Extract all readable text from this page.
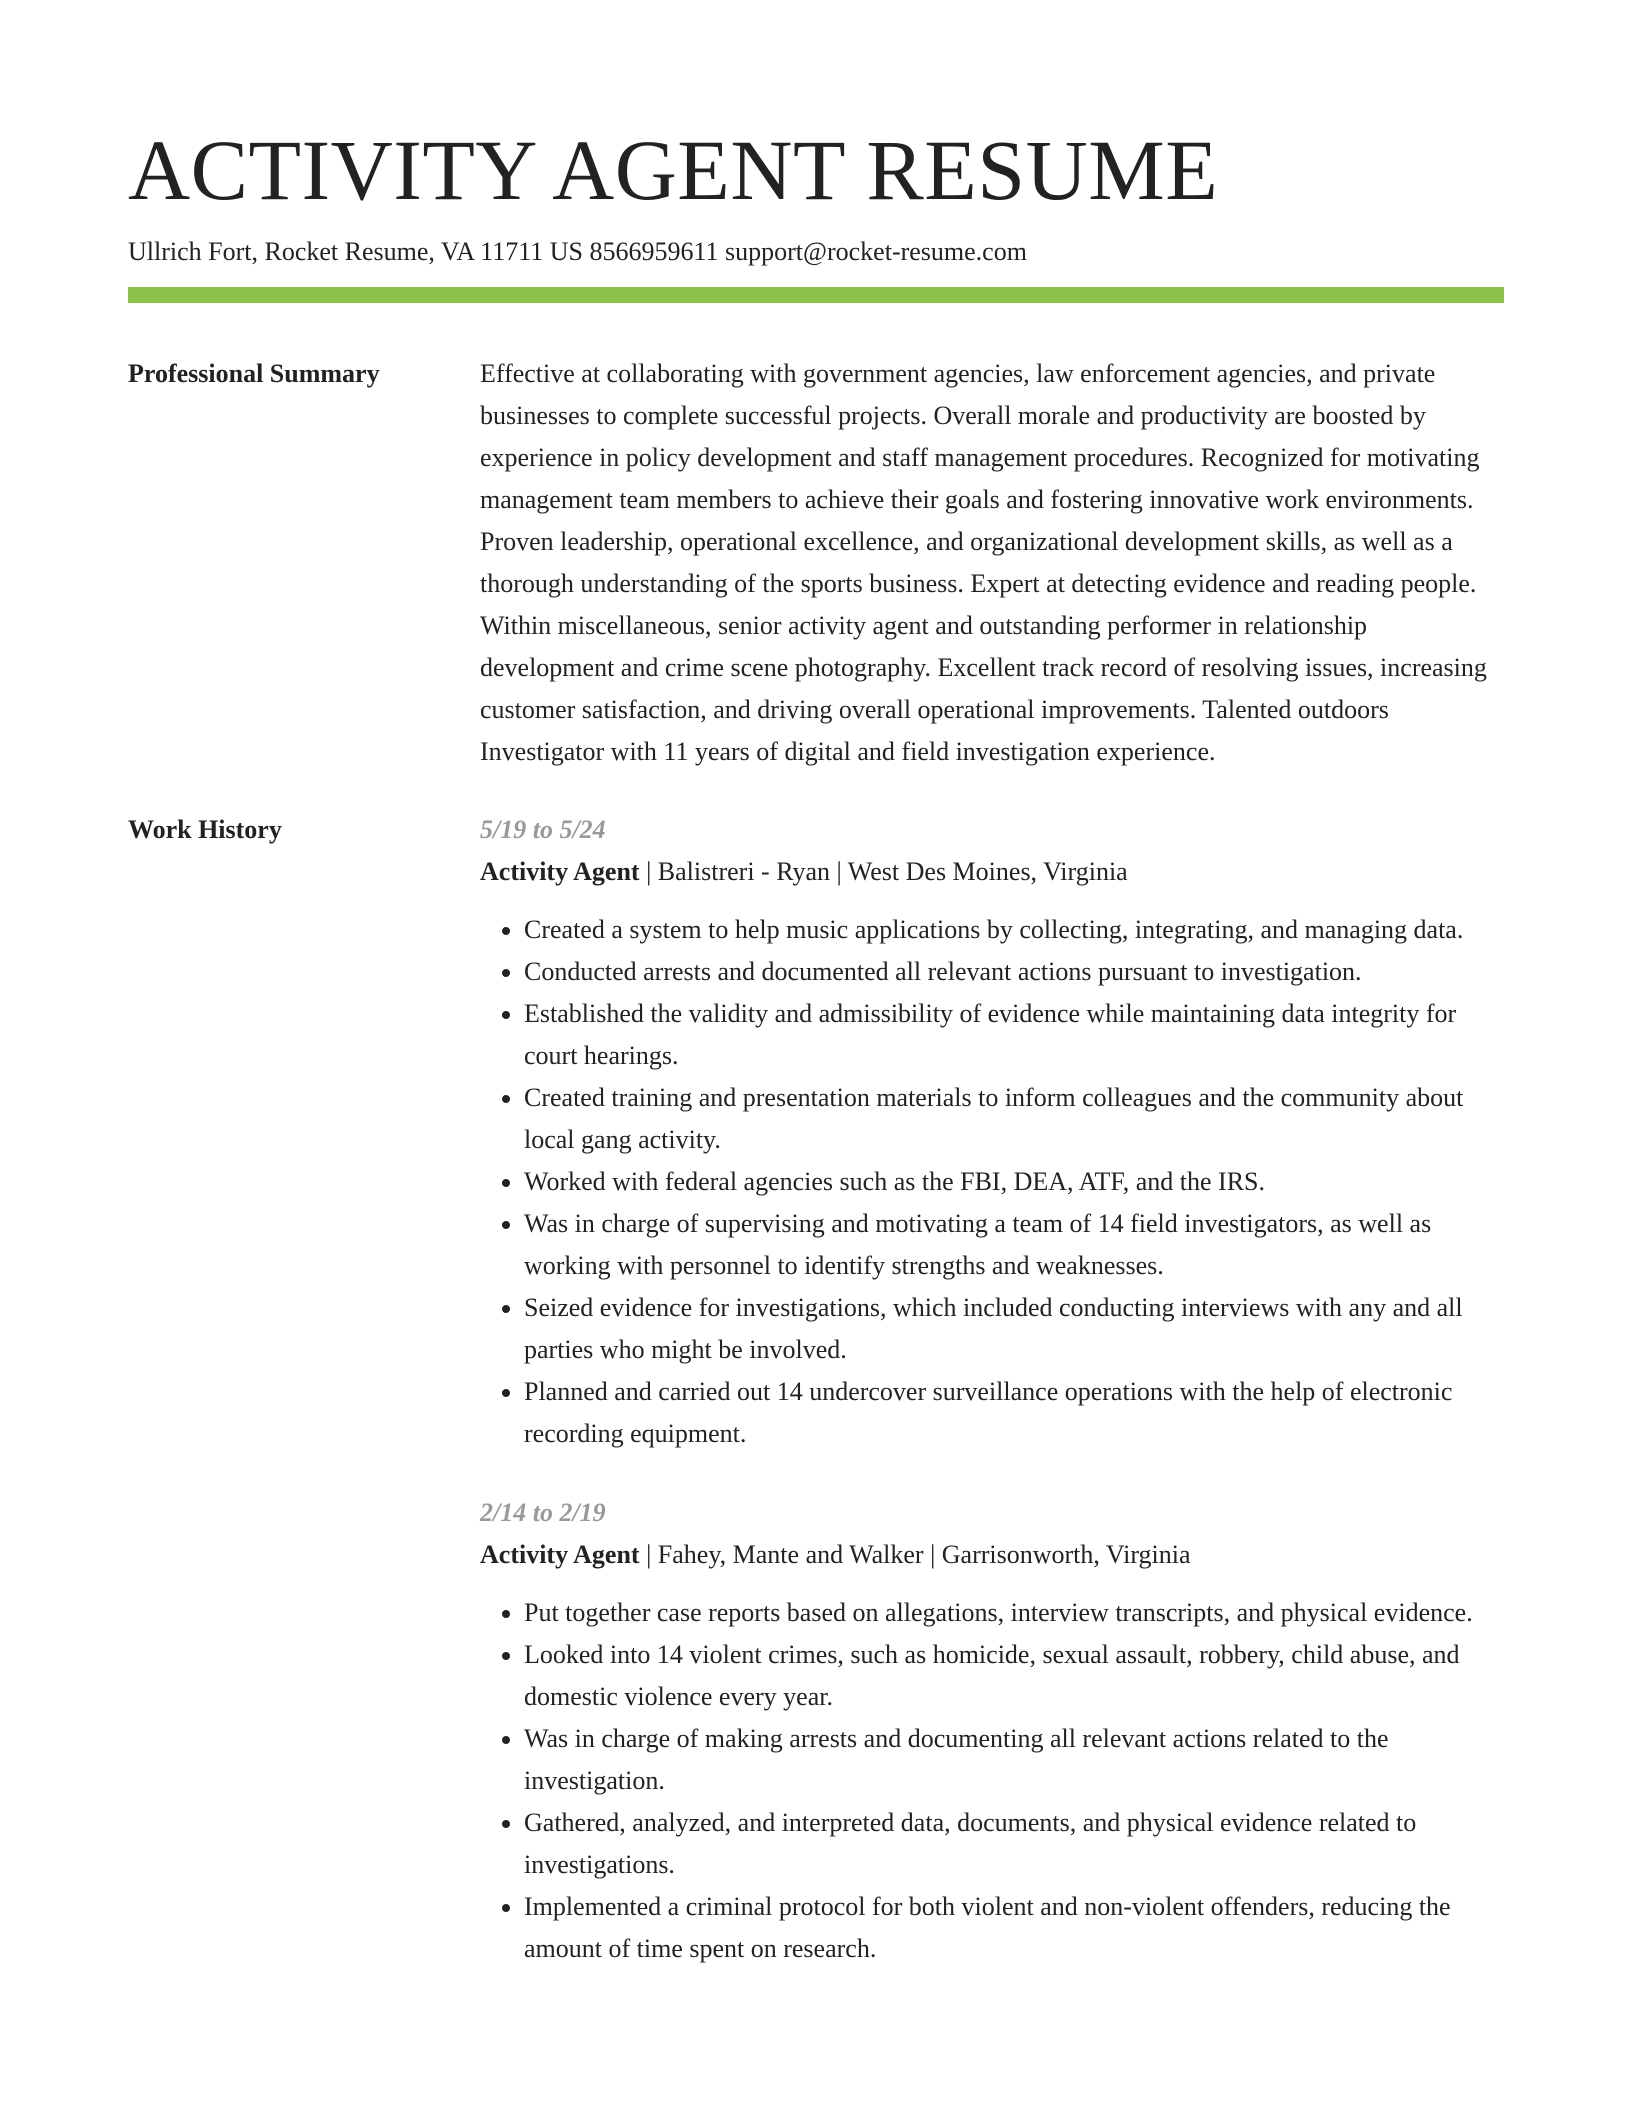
ACTIVITY AGENT RESUME
Ullrich Fort, Rocket Resume, VA 11711 US 8566959611 support@rocket-resume.com
Professional Summary	Effective at collaborating with government agencies, law enforcement agencies, and private businesses to complete successful projects. Overall morale and productivity are boosted by experience in policy development and staff management procedures. Recognized for motivating management team members to achieve their goals and fostering innovative work environments. Proven leadership, operational excellence, and organizational development skills, as well as a thorough understanding of the sports business. Expert at detecting evidence and reading people. Within miscellaneous, senior activity agent and outstanding performer in relationship development and crime scene photography. Excellent track record of resolving issues, increasing customer satisfaction, and driving overall operational improvements. Talented outdoors Investigator with 11 years of digital and field investigation experience.

Work History	5/19 to 5/24
Activity Agent | Balistreri - Ryan | West Des Moines, Virginia
• Created a system to help music applications by collecting, integrating, and managing data.
• Conducted arrests and documented all relevant actions pursuant to investigation.
• Established the validity and admissibility of evidence while maintaining data integrity for court hearings.
• Created training and presentation materials to inform colleagues and the community about local gang activity.
• Worked with federal agencies such as the FBI, DEA, ATF, and the IRS.
• Was in charge of supervising and motivating a team of 14 field investigators, as well as working with personnel to identify strengths and weaknesses.
• Seized evidence for investigations, which included conducting interviews with any and all parties who might be involved.
• Planned and carried out 14 undercover surveillance operations with the help of electronic recording equipment.
2/14 to 2/19
Activity Agent | Fahey, Mante and Walker | Garrisonworth, Virginia
• Put together case reports based on allegations, interview transcripts, and physical evidence.
• Looked into 14 violent crimes, such as homicide, sexual assault, robbery, child abuse, and domestic violence every year.
• Was in charge of making arrests and documenting all relevant actions related to the investigation.
• Gathered, analyzed, and interpreted data, documents, and physical evidence related to investigations.
• Implemented a criminal protocol for both violent and non-violent offenders, reducing the amount of time spent on research.
